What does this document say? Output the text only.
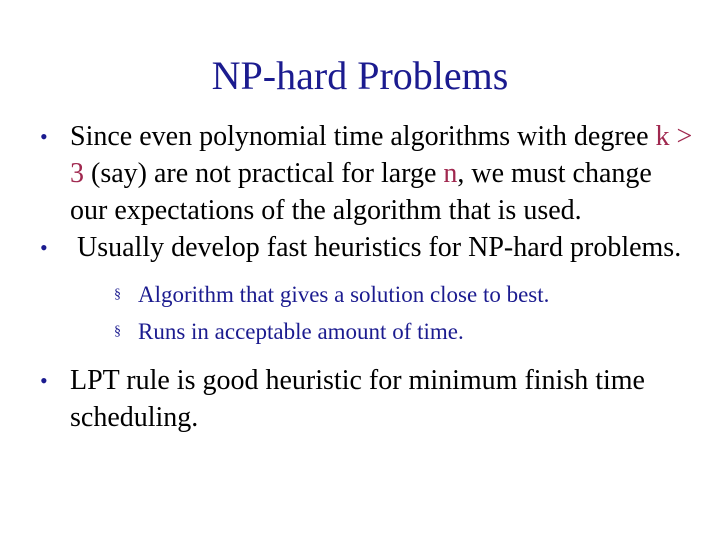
NP-hard Problems
• Since even polynomial time algorithms with degree k > 3 (say) are not practical for large n, we must change our expectations of the algorithm that is used.
• Usually develop fast heuristics for NP-hard problems.
§ Algorithm that gives a solution close to best.
§ Runs in acceptable amount of time.
• LPT rule is good heuristic for minimum finish time scheduling.
